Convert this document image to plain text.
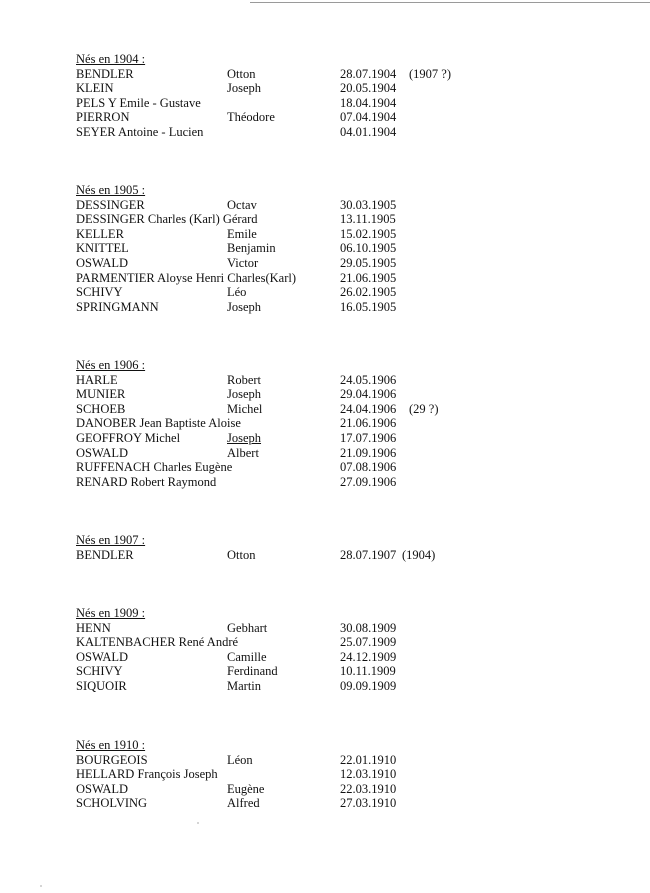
Nés en 1904 :
BENDLER	Otton	28.07.1904 (1907 ?)
KLEIN	Joseph	20.05.1904
PELS Y Emile - Gustave	18.04.1904
PIERRON	Théodore	07.04.1904
SEYER Antoine - Lucien	04.01.1904
Nés en 1905 :
DESSINGER	Octav	30.03.1905
DESSINGER Charles (Karl) Gérard	13.11.1905
KELLER	Emile	15.02.1905
KNITTEL	Benjamin	06.10.1905
OSWALD	Victor	29.05.1905
PARMENTIER Aloyse Henri Charles(Karl)	21.06.1905
SCHIVY	Léo	26.02.1905
SPRINGMANN	Joseph	16.05.1905
Nés en 1906 :
HARLE	Robert	24.05.1906
MUNIER	Joseph	29.04.1906
SCHOEB	Michel	24.04.1906 (29 ?)
DANOBER Jean Baptiste Aloise	21.06.1906
GEOFFROY Michel	Joseph	17.07.1906
OSWALD	Albert	21.09.1906
RUFFENACH Charles Eugène	07.08.1906
RENARD Robert Raymond	27.09.1906
Nés en 1907 :
BENDLER	Otton	28.07.1907 (1904)
Nés en 1909 :
HENN	Gebhart	30.08.1909
KALTENBACHER René André	25.07.1909
OSWALD	Camille	24.12.1909
SCHIVY	Ferdinand	10.11.1909
SIQUOIR	Martin	09.09.1909
Nés en 1910 :
BOURGEOIS	Léon	22.01.1910
HELLARD François Joseph	12.03.1910
OSWALD	Eugène	22.03.1910
SCHOLVING	Alfred	27.03.1910
